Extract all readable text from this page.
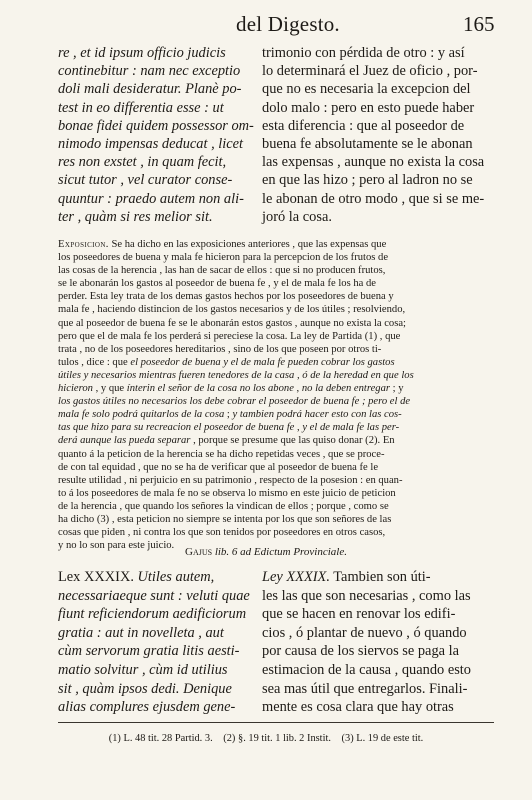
del Digesto.	165
re , et id ipsum officio judicis
continebitur : nam nec exceptio
doli mali desideratur. Planè po-
test in eo differentia esse : ut
bonae fidei quidem possessor om-
nimodo impensas deducat , licet
res non exstet , in quam fecit,
sicut tutor , vel curator conse-
quuntur : praedo autem non ali-
ter , quàm si res melior sit.
trimonio con pérdida de otro : y así
lo determinará el Juez de oficio , por-
que no es necesaria la excepcion del
dolo malo : pero en esto puede haber
esta diferencia : que al poseedor de
buena fe absolutamente se le abonan
las expensas , aunque no exista la cosa
en que las hizo ; pero al ladron no se
le abonan de otro modo , que si se me-
joró la cosa.
Exposicion. Se ha dicho en las exposiciones anteriores , que las expensas que
los poseedores de buena y mala fe hicieron para la percepcion de los frutos de
las cosas de la herencia , las han de sacar de ellos : que si no producen frutos,
se le abonarán los gastos al poseedor de buena fe , y el de mala fe los ha de
perder. Esta ley trata de los demas gastos hechos por los poseedores de buena y
mala fe , haciendo distincion de los gastos necesarios y de los útiles ; resolviendo,
que al poseedor de buena fe se le abonarán estos gastos , aunque no exista la cosa;
pero que el de mala fe los perderá si pereciese la cosa. La ley de Partida (1) , que
trata , no de los poseedores hereditarios , sino de los que poseen por otros ti-
tulos , dice : que el poseedor de buena y el de mala fe pueden cobrar los gastos
útiles y necesarios mientras fueren tenedores de la casa , ó de la heredad en que los
hicieron , y que ínterin el señor de la cosa no los abone , no la deben entregar ; y
los gastos útiles no necesarios los debe cobrar el poseedor de buena fe ; pero el de
mala fe solo podrá quitarlos de la cosa ; y tambien podrá hacer esto con las cos-
tas que hizo para su recreacion el poseedor de buena fe , y el de mala fe las per-
derá aunque las pueda separar , porque se presume que las quiso donar (2). En
quanto á la peticion de la herencia se ha dicho repetidas veces , que se proce-
de con tal equidad , que no se ha de verificar que al poseedor de buena fe le
resulte utilidad , ni perjuicio en su patrimonio , respecto de la posesion : en quan-
to á los poseedores de mala fe no se observa lo mismo en este juicio de peticion
de la herencia , que quando los señores la vindican de ellos ; porque , como se
ha dicho (3) , esta peticion no siempre se intenta por los que son señores de las
cosas que piden , ni contra los que son tenidos por poseedores en otros casos,
y no lo son para este juicio.
Gajus lib. 6 ad Edictum Provinciale.
Lex XXXIX. Utiles autem,
necessariaeque sunt : veluti quae
fiunt reficiendorum aedificiorum
gratia : aut in novelleta , aut
cùm servorum gratia litis aesti-
matio solvitur , cùm id utilius
sit , quàm ipsos dedi. Denique
alias complures ejusdem gene-
Ley XXXIX. Tambien son úti-
les las que son necesarias , como las
que se hacen en renovar los edifi-
cios , ó plantar de nuevo , ó quando
por causa de los siervos se paga la
estimacion de la causa , quando esto
sea mas útil que entregarlos. Finali-
mente es cosa clara que hay otras
(1) L. 48 tit. 28 Partid. 3. (2) §. 19 tit. 1 lib. 2 Instit. (3) L. 19 de este tit.
